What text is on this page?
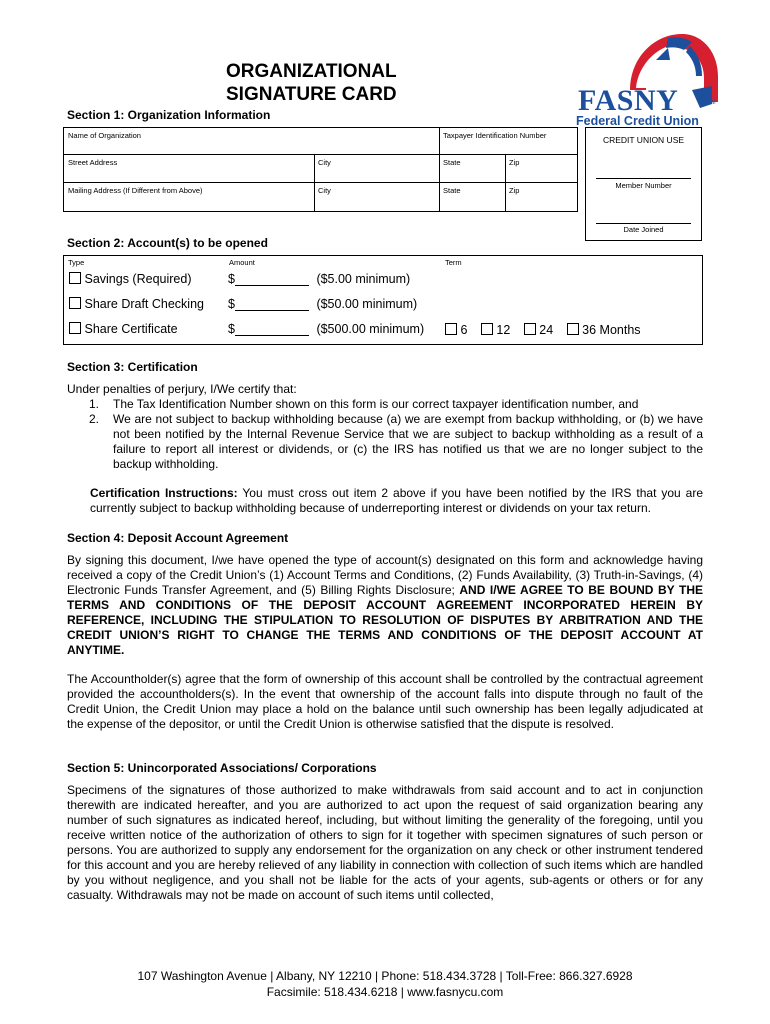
ORGANIZATIONAL
SIGNATURE CARD	FASNY	SM
Federal Credit Union
Section 1: Organization Information
Name of Organization	Taxpayer Identification Number
Street Address	City	State	Zip
Mailing Address (If Different from Above)	City	State	Zip
CREDIT UNION USE
Member Number
Date Joined
Section 2: Account(s) to be opened
Type	Amount	Term
Savings (Required)	$	($5.00 minimum)
Share Draft Checking $	($50.00 minimum)
Share Certificate	$	($500.00 minimum)	6 12 24 36 Months
Section 3: Certification
Under penalties of perjury, I/We certify that:
1. The Tax Identification Number shown on this form is our correct taxpayer identification number, and
2. We are not subject to backup withholding because (a) we are exempt from backup withholding, or (b) we have not been notified by the Internal Revenue Service that we are subject to backup withholding as a result of a failure to report all interest or dividends, or (c) the IRS has notified us that we are no longer subject to the backup withholding.
Certification Instructions: You must cross out item 2 above if you have been notified by the IRS that you are currently subject to backup withholding because of underreporting interest or dividends on your tax return.
Section 4: Deposit Account Agreement
By signing this document, I/we have opened the type of account(s) designated on this form and acknowledge having received a copy of the Credit Union’s (1) Account Terms and Conditions, (2) Funds Availability, (3) Truth-in-Savings, (4) Electronic Funds Transfer Agreement, and (5) Billing Rights Disclosure; AND I/WE AGREE TO BE BOUND BY THE TERMS AND CONDITIONS OF THE DEPOSIT ACCOUNT AGREEMENT INCORPORATED HEREIN BY REFERENCE, INCLUDING THE STIPULATION TO RESOLUTION OF DISPUTES BY ARBITRATION AND THE CREDIT UNION’S RIGHT TO CHANGE THE TERMS AND CONDITIONS OF THE DEPOSIT ACCOUNT AT ANYTIME.
The Accountholder(s) agree that the form of ownership of this account shall be controlled by the contractual agreement provided the accountholders(s). In the event that ownership of the account falls into dispute through no fault of the Credit Union, the Credit Union may place a hold on the balance until such ownership has been legally adjudicated at the expense of the depositor, or until the Credit Union is otherwise satisfied that the dispute is resolved.
Section 5: Unincorporated Associations/ Corporations
Specimens of the signatures of those authorized to make withdrawals from said account and to act in conjunction therewith are indicated hereafter, and you are authorized to act upon the request of said organization bearing any number of such signatures as indicated hereof, including, but without limiting the generality of the foregoing, until you receive written notice of the authorization of others to sign for it together with specimen signatures of such person or persons. You are authorized to supply any endorsement for the organization on any check or other instrument tendered for this account and you are hereby relieved of any liability in connection with collection of such items which are handled by you without negligence, and you shall not be liable for the acts of your agents, sub-agents or others or for any casualty. Withdrawals may not be made on account of such items until collected,
107 Washington Avenue | Albany, NY 12210 | Phone: 518.434.3728 | Toll-Free: 866.327.6928
Facsimile: 518.434.6218 | www.fasnycu.com
